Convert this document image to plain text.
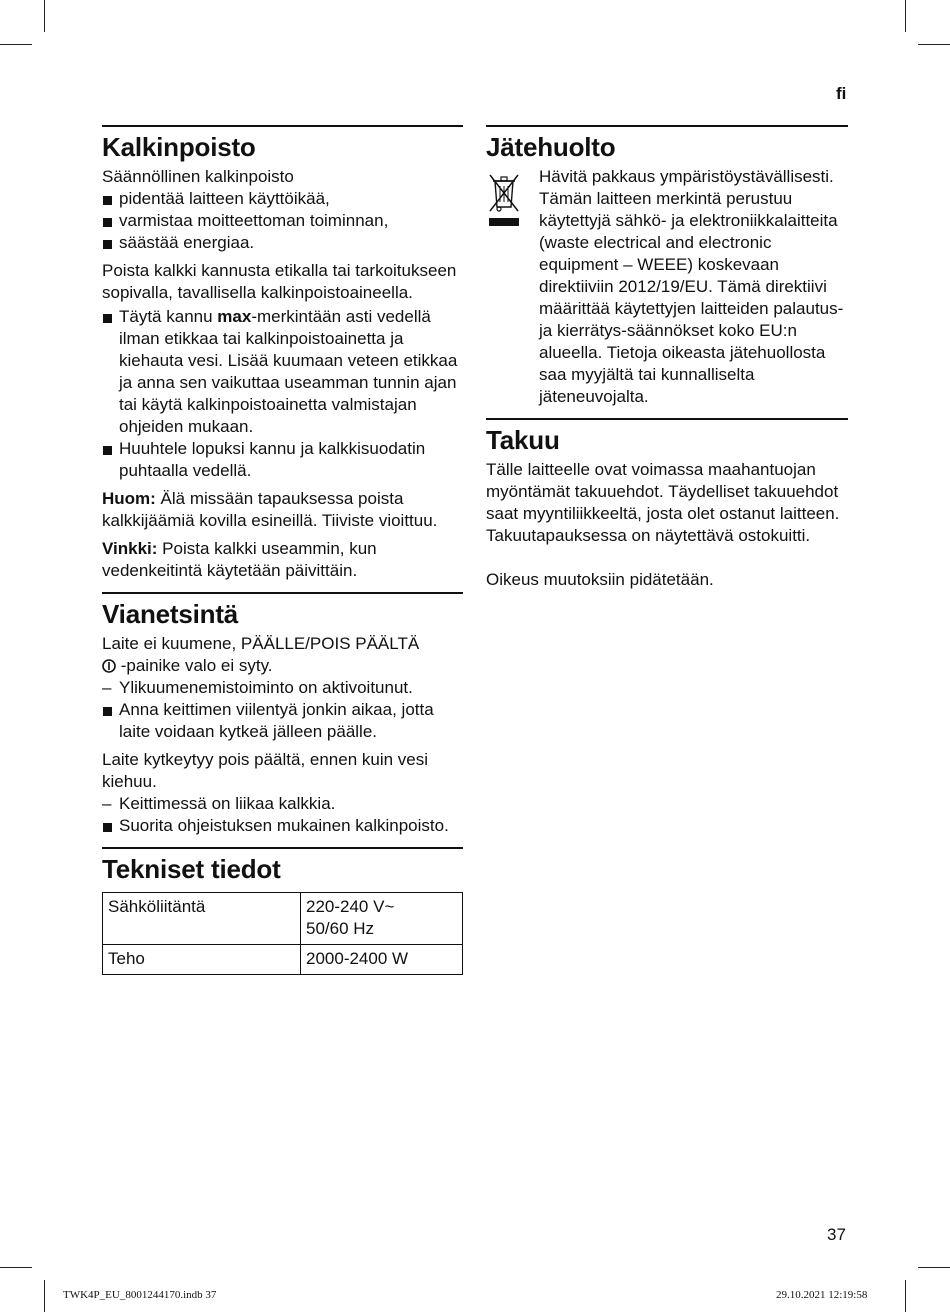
fi
Kalkinpoisto

Säännöllinen kalkinpoisto

pidentää laitteen käyttöikää,
varmistaa moitteettoman toiminnan,
säästää energiaa.

Poista kalkki kannusta etikalla tai tarkoitukseen sopivalla, tavallisella kalkinpoistoaineella.

Täytä kannu max-merkintään asti vedellä ilman etikkaa tai kalkinpoistoainetta ja kiehauta vesi. Lisää kuumaan veteen etikkaa ja anna sen vaikuttaa useamman tunnin ajan tai käytä kalkinpoistoainetta valmistajan ohjeiden mukaan.
Huuhtele lopuksi kannu ja kalkkisuodatin puhtaalla vedellä.

Huom: Älä missään tapauksessa poista kalkkijäämiä kovilla esineillä. Tiiviste vioittuu.

Vinkki: Poista kalkki useammin, kun vedenkeitintä käytetään päivittäin.

Vianetsintä

Laite ei kuumene, PÄÄLLE/POIS PÄÄLTÄ
-painike valo ei syty.

– Ylikuumenemistoiminto on aktivoitunut.
Anna keittimen viilentyä jonkin aikaa, jotta laite voidaan kytkeä jälleen päälle.

Laite kytkeytyy pois päältä, ennen kuin vesi kiehuu.

– Keittimessä on liikaa kalkkia.
Suorita ohjeistuksen mukainen kalkinpoisto.
Tekniset tiedot
Sähköliitäntä	220-240 V~
50/60 Hz
Teho	2000-2400 W
Jätehuolto

Hävitä pakkaus ympäristöystävällisesti. Tämän laitteen merkintä perustuu käytettyjä sähkö- ja elektroniikkalaitteita (waste electrical and electronic equipment – WEEE) koskevaan direktiiviin 2012/19/EU. Tämä direktiivi määrittää käytettyjen laitteiden palautus- ja kierrätys-säännökset koko EU:n alueella. Tietoja oikeasta jätehuollosta saa myyjältä tai kunnalliselta jäteneuvojalta.

Takuu

Tälle laitteelle ovat voimassa maahantuojan myöntämät takuuehdot. Täydelliset takuuehdot saat myyntiliikkeeltä, josta olet ostanut laitteen. Takuutapauksessa on näytettävä ostokuitti.

Oikeus muutoksiin pidätetään.

37
TWK4P_EU_8001244170.indb 37	29.10.2021 12:19:58
